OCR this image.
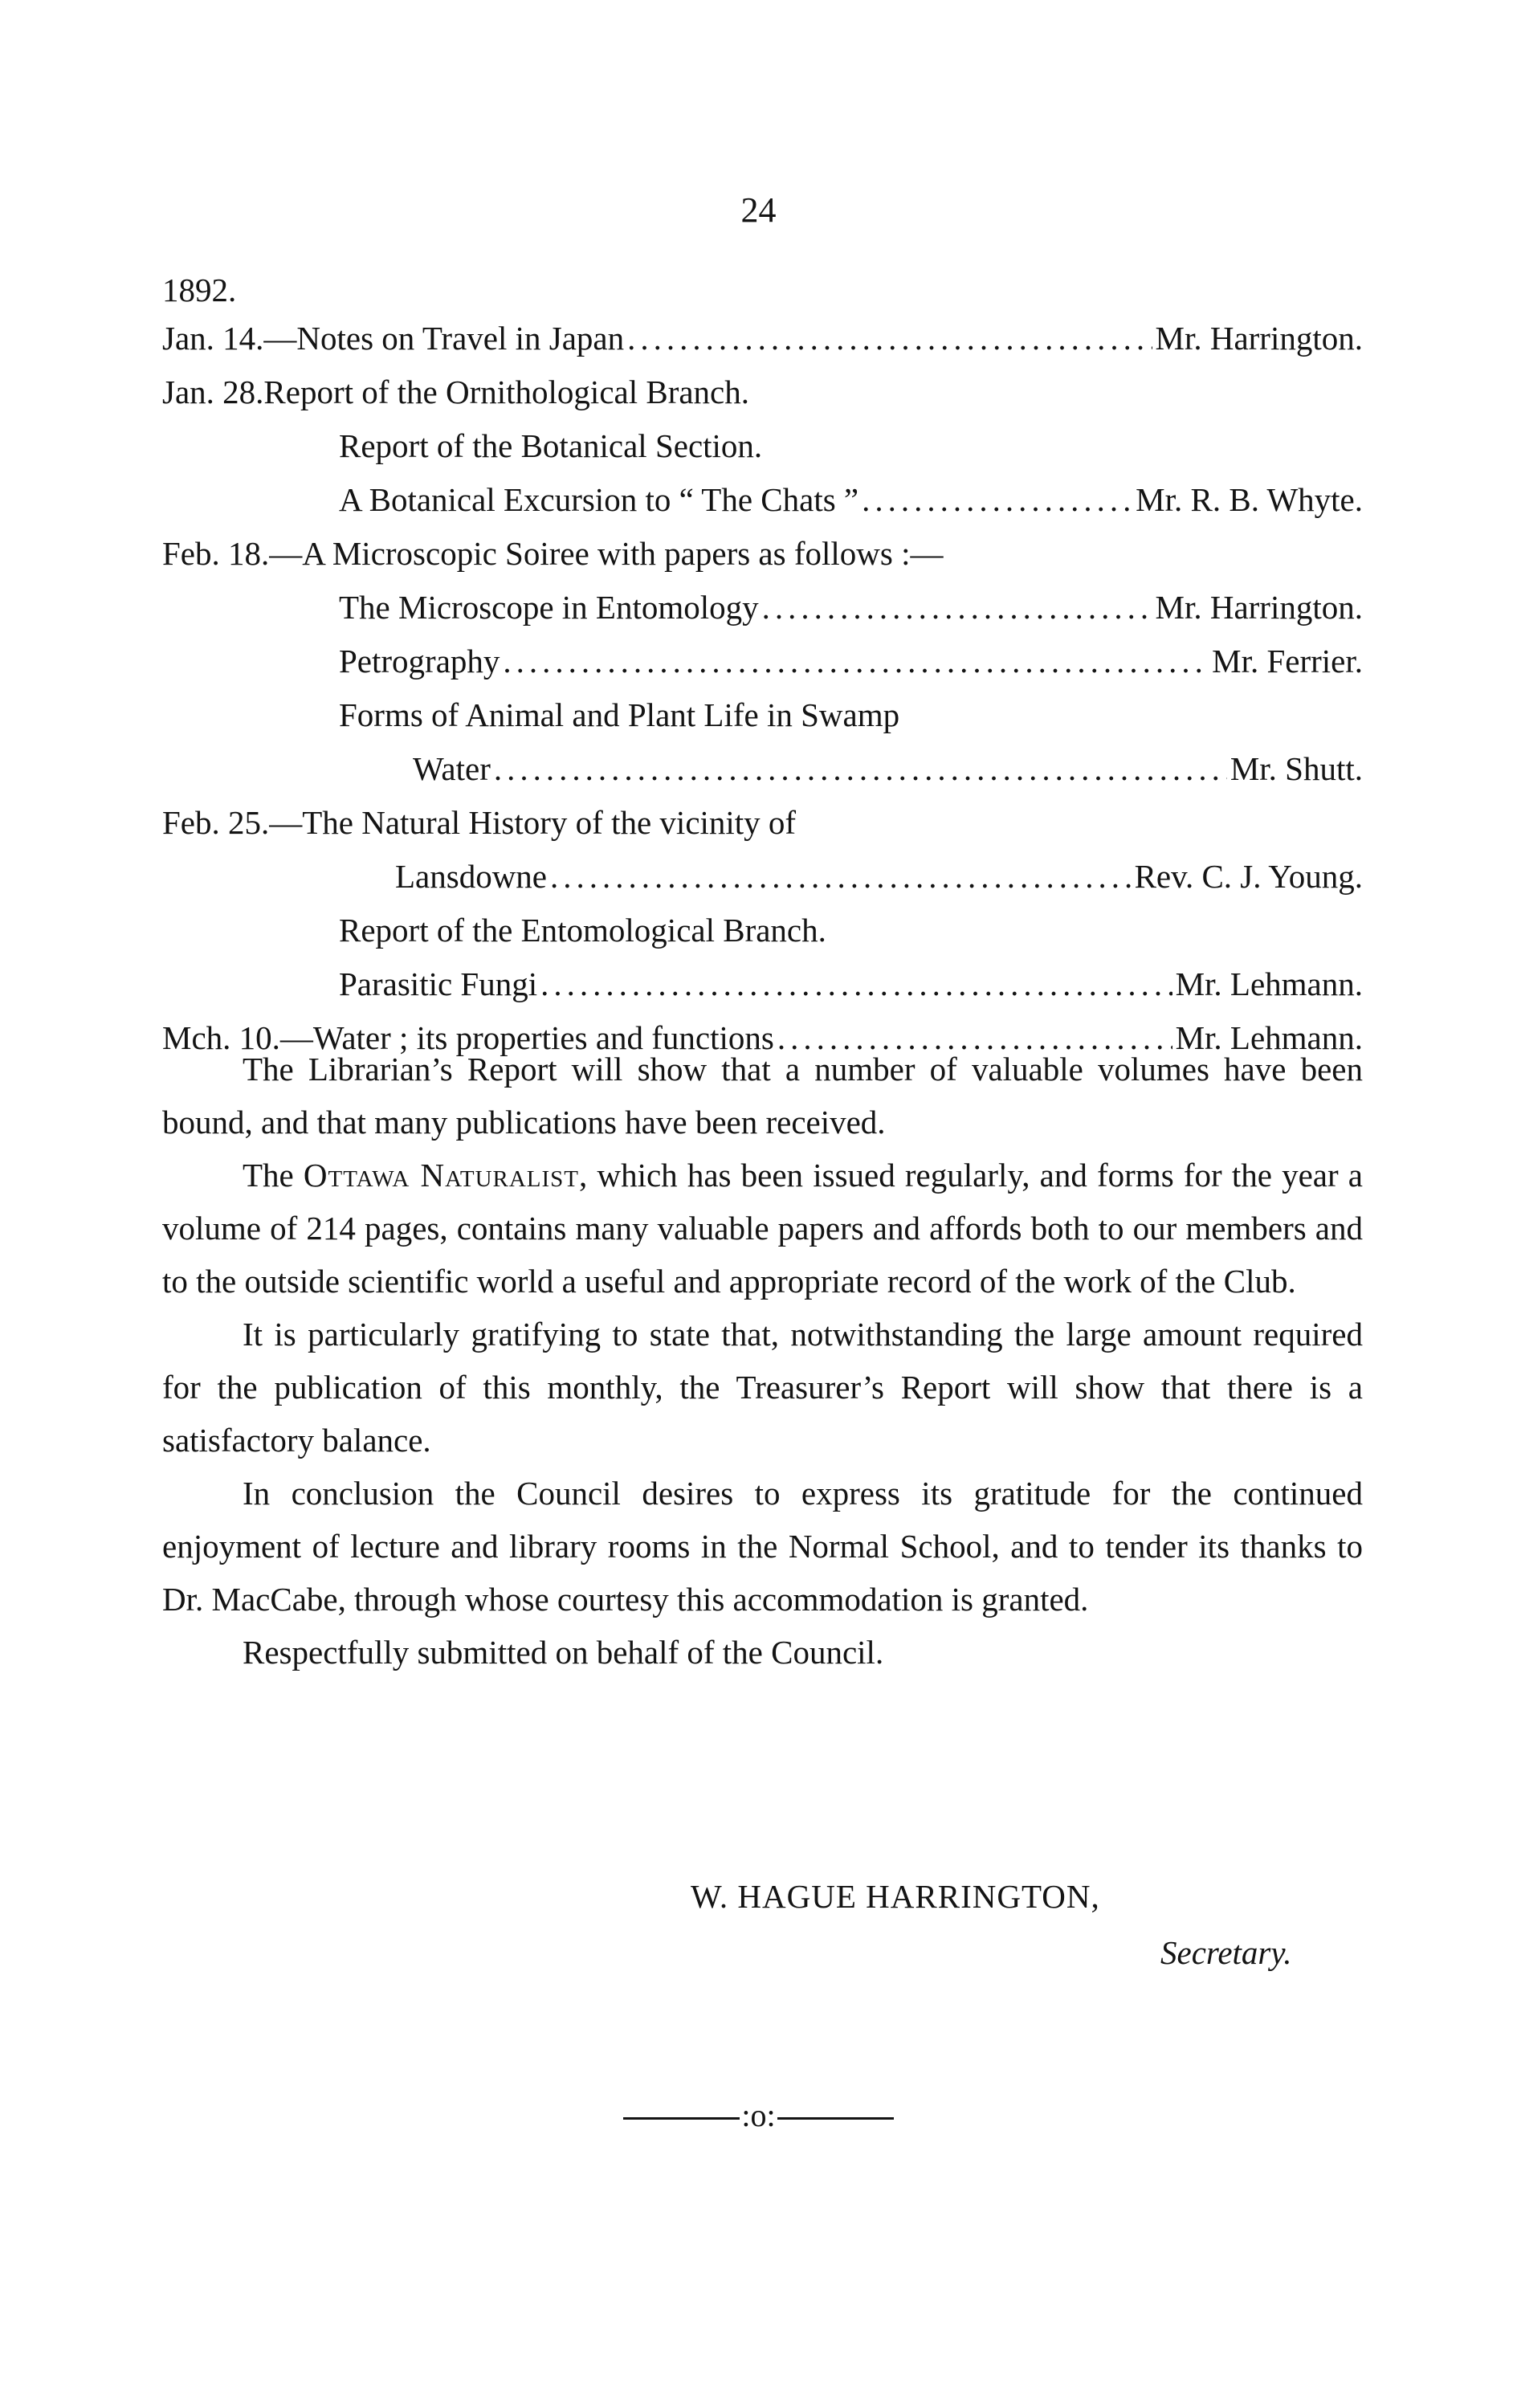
24
1892.
Jan. 14.— Notes on Travel in Japan .....	Mr. Harrington.
Jan. 28. Report of the Ornithological Branch.
Report of the Botanical Section.
A Botanical Excursion to “ The Chats ” .....	Mr. R. B. Whyte.
Feb. 18.— A Microscopic Soiree with papers as follows :—
The Microscope in Entomology .....	Mr. Harrington.
Petrography .....	Mr. Ferrier.
Forms of Animal and Plant Life in Swamp
Water .....	Mr. Shutt.
Feb. 25.— The Natural History of the vicinity of
Lansdowne .....	Rev. C. J. Young.
Report of the Entomological Branch.
Parasitic Fungi .....	Mr. Lehmann.
Mch. 10.— Water ; its properties and functions .....	Mr. Lehmann.

The Librarian’s Report will show that a number of valuable volumes have been bound, and that many publications have been received.

The Ottawa Naturalist, which has been issued regularly, and forms for the year a volume of 214 pages, contains many valuable papers and affords both to our members and to the outside scientific world a useful and appropriate record of the work of the Club.

It is particularly gratifying to state that, notwithstanding the large amount required for the publication of this monthly, the Treasurer’s Report will show that there is a satisfactory balance.

In conclusion the Council desires to express its gratitude for the continued enjoyment of lecture and library rooms in the Normal School, and to tender its thanks to Dr. MacCabe, through whose courtesy this accommodation is granted.

Respectfully submitted on behalf of the Council.

W. HAGUE HARRINGTON,
Secretary.
:o:
